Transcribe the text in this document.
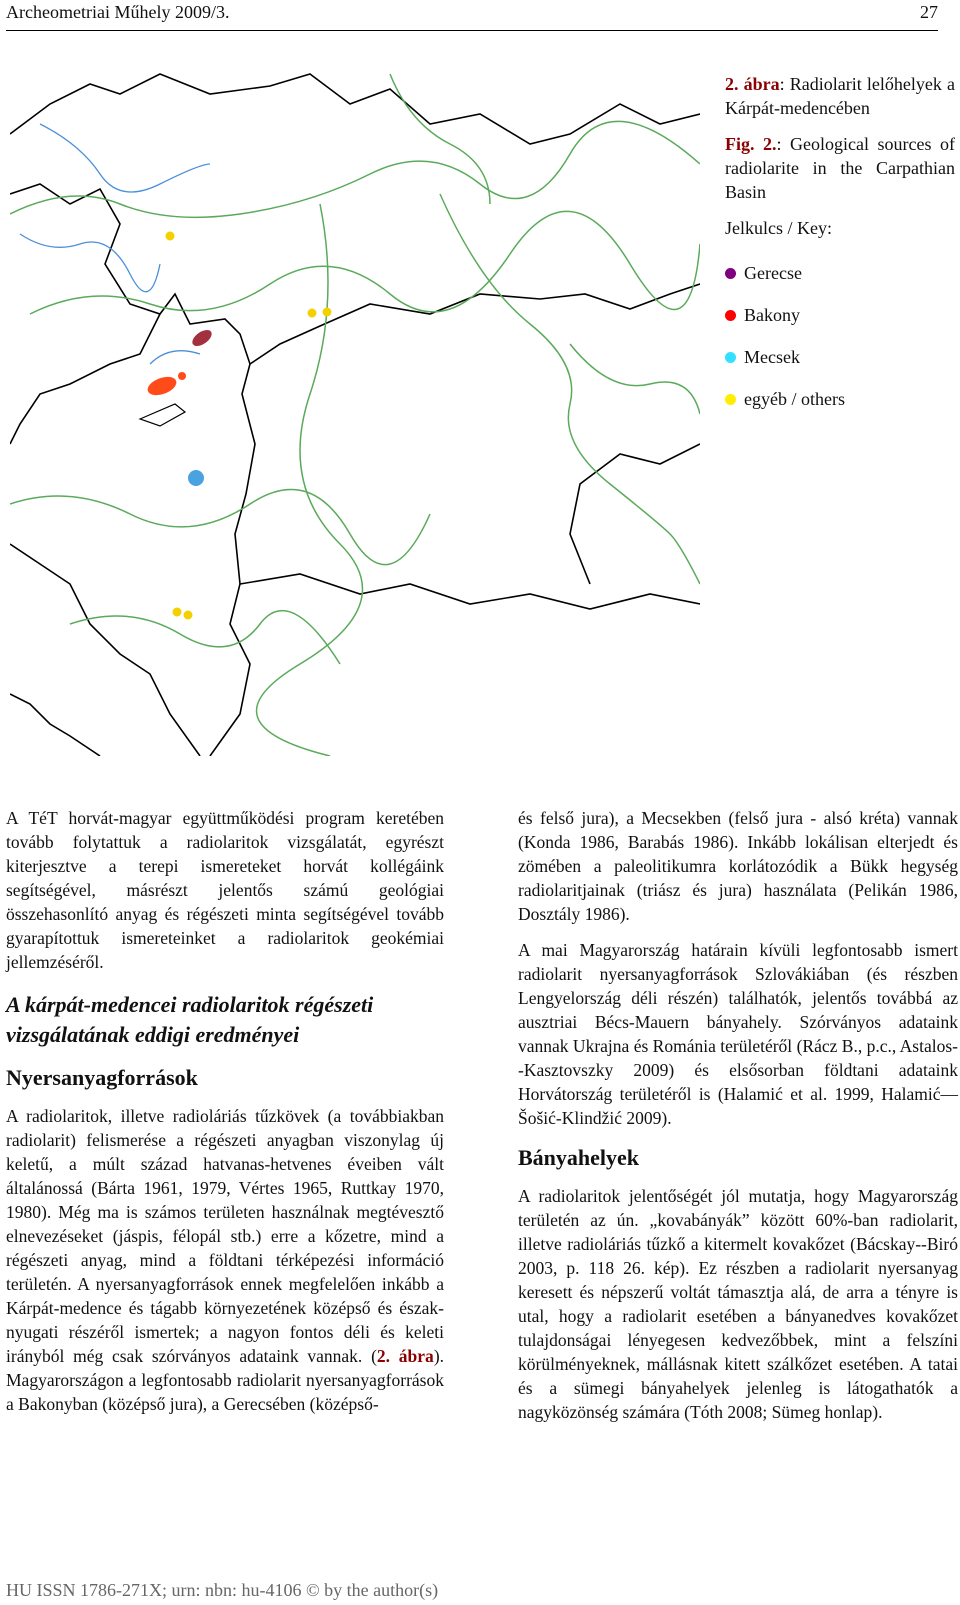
Archeometriai Műhely 2009/3.	27

2. ábra: Radiolarit lelőhelyek a Kárpát-medencében

Fig. 2.: Geological sources of radiolarite in the Carpathian Basin

Jelkulcs / Key:

Gerecse
Bakony
Mecsek
egyéb / others

A TéT horvát-magyar együttműködési program keretében tovább folytattuk a radiolaritok vizsgálatát, egyrészt kiterjesztve a terepi ismereteket horvát kollégáink segítségével, másrészt jelentős számú geológiai összehasonlító anyag és régészeti minta segítségével tovább gyarapítottuk ismereteinket a radiolaritok geokémiai jellemzéséről.

A kárpát-medencei radiolaritok régészeti vizsgálatának eddigi eredményei
Nyersanyagforrások

A radiolaritok, illetve radioláriás tűzkövek (a továbbiakban radiolarit) felismerése a régészeti anyagban viszonylag új keletű, a múlt század hatvanas-hetvenes éveiben vált általánossá (Bárta 1961, 1979, Vértes 1965, Ruttkay 1970, 1980). Még ma is számos területen használnak megtévesztő elnevezéseket (jáspis, félopál stb.) erre a kőzetre, mind a régészeti anyag, mind a földtani térképezési információ területén. A nyersanyagforrások ennek megfelelően inkább a Kárpát-medence és tágabb környezetének középső és észak-nyugati részéről ismertek; a nagyon fontos déli és keleti irányból még csak szórványos adataink vannak. (2. ábra). Magyarországon a legfontosabb radiolarit nyersanyagforrások a Bakonyban (középső jura), a Gerecsében (középső-

és felső jura), a Mecsekben (felső jura - alsó kréta) vannak (Konda 1986, Barabás 1986). Inkább lokálisan elterjedt és zömében a paleolitikumra korlátozódik a Bükk hegység radiolaritjainak (triász és jura) használata (Pelikán 1986, Dosztály 1986).

A mai Magyarország határain kívüli legfontosabb ismert radiolarit nyersanyagforrások Szlovákiában (és részben Lengyelország déli részén) találhatók, jelentős továbbá az ausztriai Bécs-Mauern bányahely. Szórványos adataink vannak Ukrajna és Románia területéről (Rácz B., p.c., Astalos--Kasztovszky 2009) és elsősorban földtani adataink Horvátország területéről is (Halamić et al. 1999, Halamić—Šošić-Klindžić 2009).

Bányahelyek

A radiolaritok jelentőségét jól mutatja, hogy Magyarország területén az ún. „kovabányák” között 60%-ban radiolarit, illetve radioláriás tűzkő a kitermelt kovakőzet (Bácskay--Biró 2003, p. 118 26. kép). Ez részben a radiolarit nyersanyag keresett és népszerű voltát támasztja alá, de arra a tényre is utal, hogy a radiolarit esetében a bányanedves kovakőzet tulajdonságai lényegesen kedvezőbbek, mint a felszíni körülményeknek, mállásnak kitett szálkőzet esetében. A tatai és a sümegi bányahelyek jelenleg is látogathatók a nagyközönség számára (Tóth 2008; Sümeg honlap).

HU ISSN 1786-271X; urn: nbn: hu-4106 © by the author(s)
